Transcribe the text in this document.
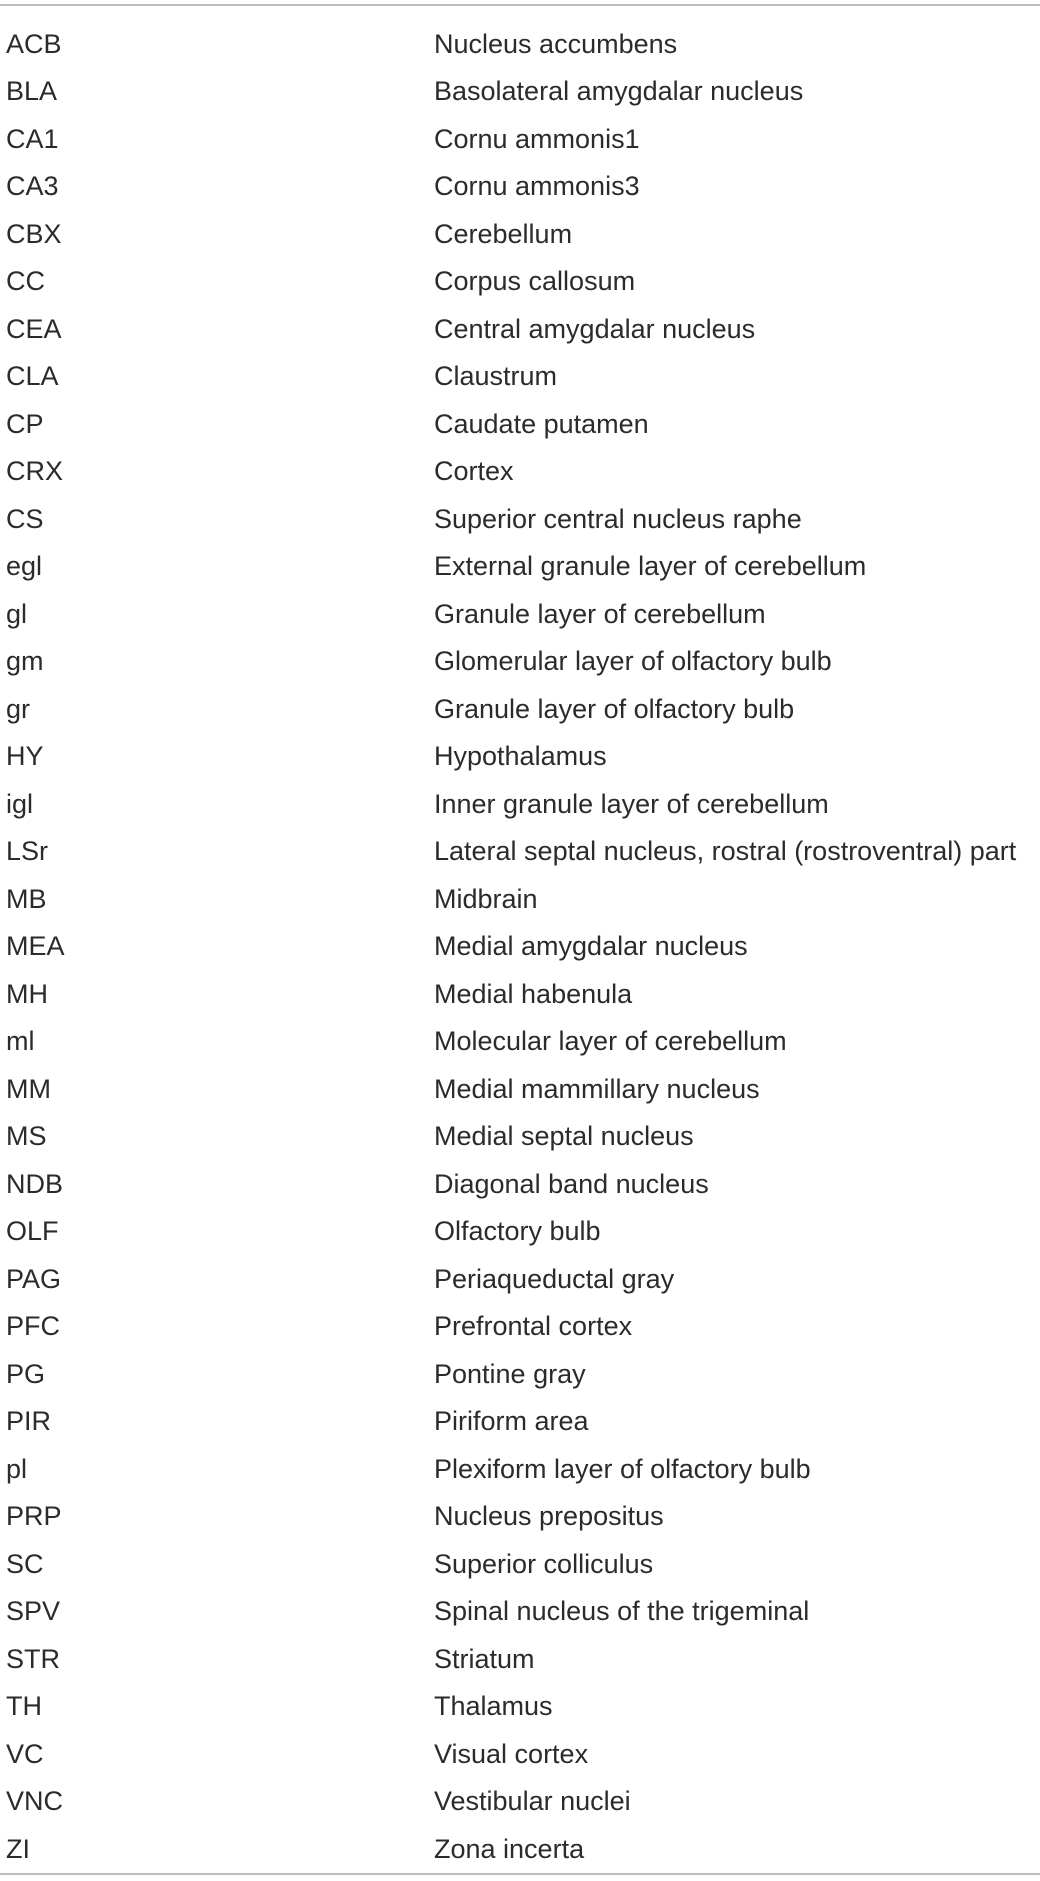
ACB	Nucleus accumbens
BLA	Basolateral amygdalar nucleus
CA1	Cornu ammonis1
CA3	Cornu ammonis3
CBX	Cerebellum
CC	Corpus callosum
CEA	Central amygdalar nucleus
CLA	Claustrum
CP	Caudate putamen
CRX	Cortex
CS	Superior central nucleus raphe
egl	External granule layer of cerebellum
gl	Granule layer of cerebellum
gm	Glomerular layer of olfactory bulb
gr	Granule layer of olfactory bulb
HY	Hypothalamus
igl	Inner granule layer of cerebellum
LSr	Lateral septal nucleus, rostral (rostroventral) part
MB	Midbrain
MEA	Medial amygdalar nucleus
MH	Medial habenula
ml	Molecular layer of cerebellum
MM	Medial mammillary nucleus
MS	Medial septal nucleus
NDB	Diagonal band nucleus
OLF	Olfactory bulb
PAG	Periaqueductal gray
PFC	Prefrontal cortex
PG	Pontine gray
PIR	Piriform area
pl	Plexiform layer of olfactory bulb
PRP	Nucleus prepositus
SC	Superior colliculus
SPV	Spinal nucleus of the trigeminal
STR	Striatum
TH	Thalamus
VC	Visual cortex
VNC	Vestibular nuclei
ZI	Zona incerta
